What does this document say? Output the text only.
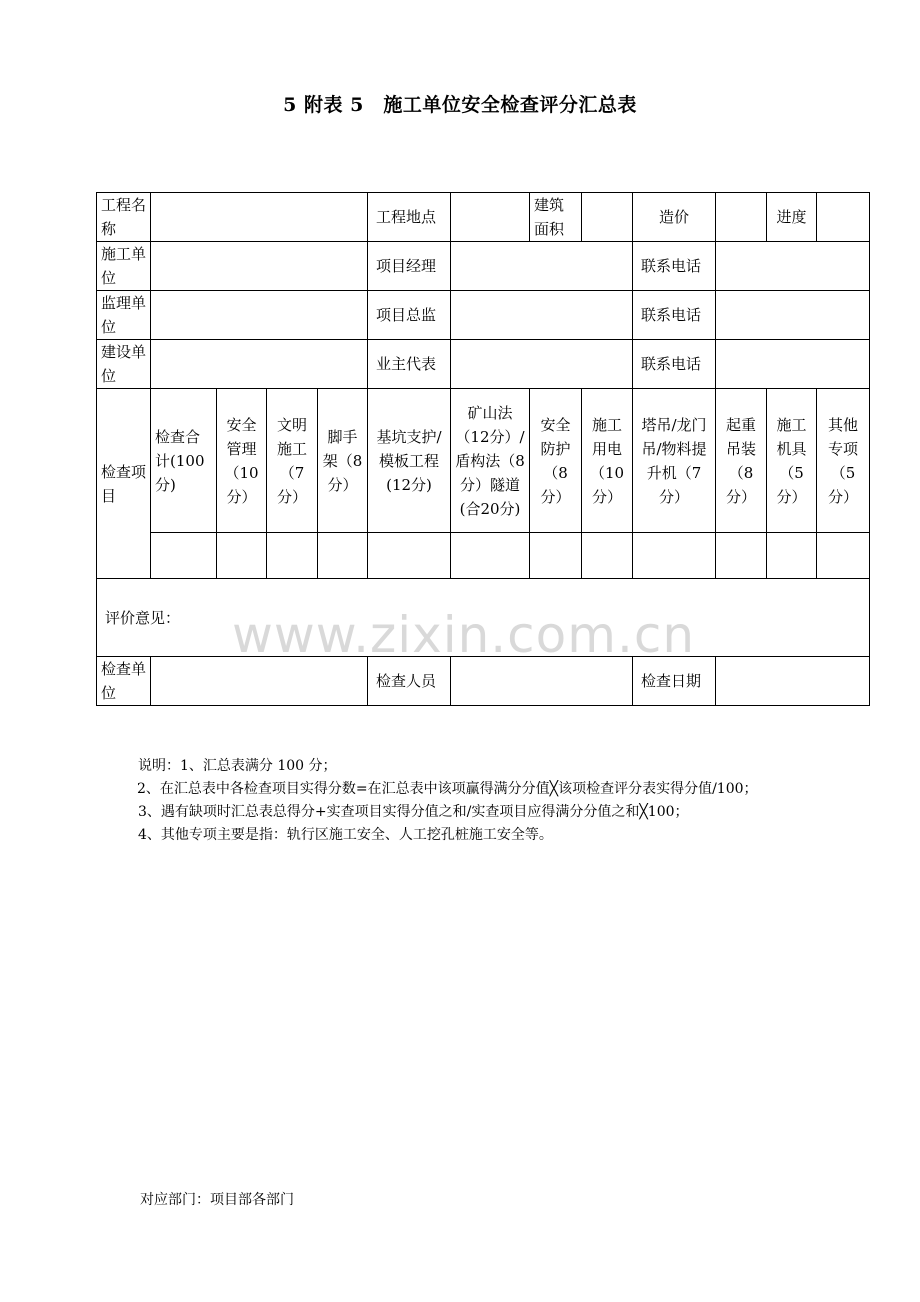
5 附表 5　施工单位安全检查评分汇总表
工程名称					工程地点		建筑面积		造价		进度	
施工单位					项目经理				联系电话			
监理单位					项目总监				联系电话			
建设单位					业主代表				联系电话			
检查项目	检查合计(100分)	安全管理（10分）	文明施工（7分）	脚手架（8分）	基坑支护/模板工程(12分)	矿山法（12分）/盾构法（8分）隧道(合20分)	安全防护（8分）	施工用电（10分）	塔吊/龙门吊/物料提升机（7分）	起重吊装（8分）	施工机具（5分）	其他专项（5分）

评价意见：												
检查单位					检查人员				检查日期			
www.zixin.com.cn

说明：1、汇总表满分 100 分；

2、在汇总表中各检查项目实得分数=在汇总表中该项赢得满分分值╳该项检查评分表实得分值/100；

3、遇有缺项时汇总表总得分+实查项目实得分值之和/实查项目应得满分分值之和╳100；

4、其他专项主要是指：轨行区施工安全、人工挖孔桩施工安全等。

对应部门：项目部各部门
